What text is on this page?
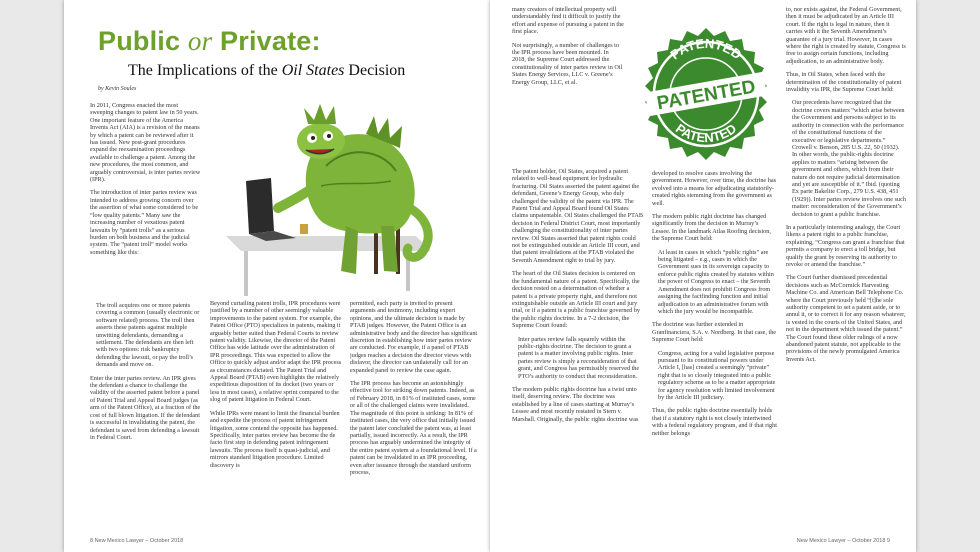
Public or Private:
The Implications of the Oil States Decision
by Kevin Soules

In 2011, Congress enacted the most sweeping changes to patent law in 50 years. One important feature of the America Invents Act (AIA) is a revision of the means by which a patent can be reviewed after it has issued. New post-grant procedures expand the reexamination proceedings available to challenge a patent. Among the new procedures, the most common, and arguably controversial, is inter partes review (IPR).

The introduction of inter partes review was intended to address growing concern over the assertion of what some considered to be “low quality patents.” Many saw the increasing number of vexatious patent lawsuits by “patent trolls” as a serious burden on both business and the judicial system. The “patent troll” model works something like this:

The troll acquires one or more patents covering a common (usually electronic or software related) process. The troll then asserts these patents against multiple unwitting defendants, demanding a settlement. The defendants are then left with two options: risk bankruptcy defending the lawsuit, or pay the troll’s demands and move on.

Enter the inter partes review. An IPR gives the defendant a chance to challenge the validity of the asserted patent before a panel of Patent Trial and Appeal Board judges (as arm of the Patent Office), at a fraction of the cost of full blown litigation. If the defendant is successful in invalidating the patent, the defendant is saved from defending a lawsuit in Federal Court.

Beyond curtailing patent trolls, IPR procedures were justified by a number of other seemingly valuable improvements to the patent system. For example, the Patent Office (PTO) specializes in patents, making it arguably better suited than Federal Courts to review patent validity. Likewise, the director of the Patent Office has wide latitude over the administration of IPR proceedings. This was expected to allow the Office to quickly adjust and/or adapt the IPR process as circumstances dictated. The Patent Trial and Appeal Board (PTAB) even highlights the relatively expeditious disposition of its docket (two years or less in most cases), a relative sprint compared to the slog of patent litigation in Federal Court.

While IPRs were meant to limit the financial burden and expedite the process of patent infringement litigation, some contend the opposite has happened. Specifically, inter partes review has become the de facto first step in defending patent infringement lawsuits. The process itself is quasi-judicial, and mirrors standard litigation procedure. Limited discovery is

permitted, each party is invited to present arguments and testimony, including expert opinions, and the ultimate decision is made by PTAB judges. However, the Patent Office is an administrative body and the director has significant discretion in establishing how inter partes review are conducted. For example, if a panel of PTAB judges reaches a decision the director views with disfavor, the director can unilaterally call for an expanded panel to review the case again.

The IPR process has become an astonishingly effective tool for striking down patents. Indeed, as of February 2018, in 81% of instituted cases, some or all of the challenged claims were invalidated. The magnitude of this point is striking: In 81% of instituted cases, the very office that initially issued the patent later concluded the patent was, at least partially, issued incorrectly. As a result, the IPR process has arguably undermined the integrity of the entire patent system at a foundational level. If a patent can be invalidated in an IPR proceeding, even after issuance through the standard uniform process,

8 New Mexico Lawyer – October 2018

many creators of intellectual property will understandably find it difficult to justify the effort and expense of pursuing a patent in the first place.

Not surprisingly, a number of challenges to the IPR process have been mounted. In 2018, the Supreme Court addressed the constitutionality of inter partes review in Oil States Energy Services, LLC v. Greene’s Energy Group, LLC, et al.

The patent holder, Oil States, acquired a patent related to well-head equipment for hydraulic fracturing. Oil States asserted the patent against the defendant, Greene’s Energy Group, who duly challenged the validity of the patent via IPR. The Patent Trial and Appeal Board found Oil States claims unpatentable. Oil States challenged the PTAB decision in Federal District Court, most importantly challenging the constitutionality of inter partes review. Oil States asserted that patent rights could not be extinguished outside an Article III court, and that patent invalidations at the PTAB violated the Seventh Amendment right to trial by jury.

The heart of the Oil States decision is centered on the fundamental nature of a patent. Specifically, the decision rested on a determination of whether a patent is a private property right, and therefore not extinguishable outside an Article III court and jury trial, or if a patent is a public franchise governed by the public rights doctrine. In a 7-2 decision, the Supreme Court found:

Inter partes review falls squarely within the public-rights doctrine. The decision to grant a patent is a matter involving public rights. Inter partes review is simply a reconsideration of that grant, and Congress has permissibly reserved the PTO’s authority to conduct that reconsideration.

The modern public rights doctrine has a twist unto itself, deserving review. The doctrine was established by a line of cases starting at Murray’s Lessee and most recently restated in Stern v. Marshall. Originally, the public rights doctrine was

PATENTED
PATENTED
PATENTED

developed to resolve cases involving the government. However, over time, the doctrine has evolved into a means for adjudicating statutorily-created rights stemming from the government as well.

The modern public right doctrine has changed significantly from the decision in Murray’s Lessee. In the landmark Atlas Roofing decision, the Supreme Court held:

At least in cases in which “public rights” are being litigated – e.g., cases in which the Government sues in its sovereign capacity to enforce public rights created by statutes within the power of Congress to enact – the Seventh Amendment does not prohibit Congress from assigning the factfinding function and initial adjudication to an administrative forum with which the jury would be incompatible.

The doctrine was further extended in Granfinanciera, S.A. v. Nordberg. In that case, the Supreme Court held:

Congress, acting for a valid legislative purpose pursuant to its constitutional powers under Article I, [has] created a seemingly “private” right that is so closely integrated into a public regulatory scheme as to be a matter appropriate for agency resolution with limited involvement by the Article III judiciary.

Thus, the public rights doctrine essentially holds that if a statutory right is not closely intertwined with a federal regulatory program, and if that right neither belongs

to, nor exists against, the Federal Government, then it must be adjudicated by an Article III court. If the right is legal in nature, then it carries with it the Seventh Amendment’s guarantee of a jury trial. However, in cases where the right is created by statute, Congress is free to assign certain functions, including adjudication, to an administrative body.

Thus, in Oil States, when faced with the determination of the constitutionality of patent invalidity via IPR, the Supreme Court held:

Our precedents have recognized that the doctrine covers matters “which arise between the Government and persons subject to its authority in connection with the performance of the constitutional functions of the executive or legislative departments.” Crowell v. Benson, 285 U.S. 22, 50 (1932). In other words, the public-rights doctrine applies to matters “arising between the government and others, which from their nature do not require judicial determination and yet are susceptible of it.” Ibid. (quoting Ex parte Bakelite Corp., 279 U.S. 438, 451 (1929)). Inter partes review involves one such matter: reconsideration of the Government’s decision to grant a public franchise.

In a particularly interesting analogy, the Court likens a patent right to a public franchise, explaining, “Congress can grant a franchise that permits a company to erect a toll bridge, but qualify the grant by reserving its authority to revoke or amend the franchise.”

The Court further dismissed precedential decisions such as McCormick Harvesting Machine Co. and American Bell Telephone Co. where the Court previously held “[t]he sole authority competent to set a patent aside, or to annul it, or to correct it for any reason whatever, is vested in the courts of the United States, and not in the department which issued the patent.” The Court found these older rulings of a now abandoned patent statute, not applicable to the provisions of the newly promulgated America Invents Act.

New Mexico Lawyer – October 2018 9
